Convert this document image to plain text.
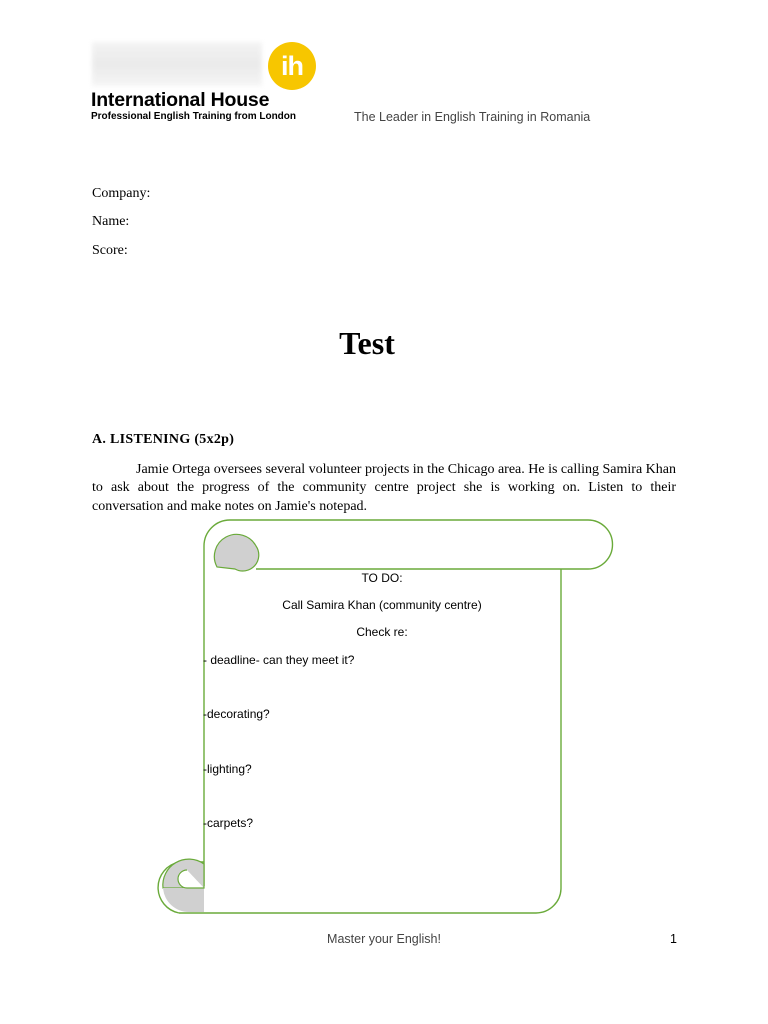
ih
International House
Professional English Training from London	The Leader in English Training in Romania
Company:
Name:
Score:
Test
A. LISTENING (5x2p)

Jamie Ortega oversees several volunteer projects in the Chicago area. He is calling Samira Khan to ask about the progress of the community centre project she is working on. Listen to their conversation and make notes on Jamie's notepad.

TO DO:
Call Samira Khan (community centre)
Check re:
- deadline- can they meet it?
-decorating?
-lighting?
-carpets?
Master your English!	1
